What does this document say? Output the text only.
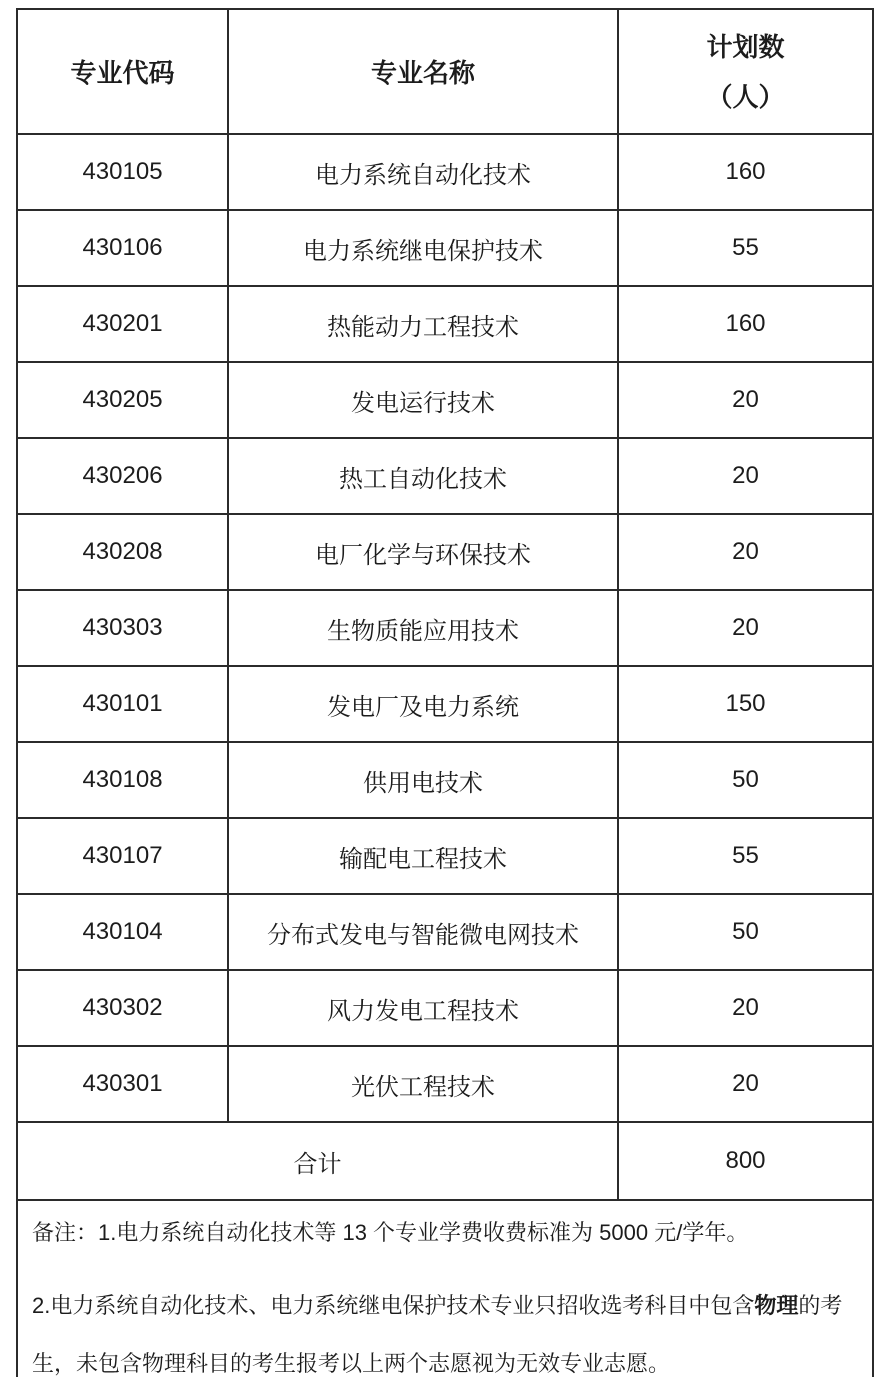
专业代码	专业名称	计划数
（人）

430105	电力系统自动化技术	160
430106	电力系统继电保护技术	55
430201	热能动力工程技术	160
430205	发电运行技术	20
430206	热工自动化技术	20
430208	电厂化学与环保技术	20
430303	生物质能应用技术	20
430101	发电厂及电力系统	150
430108	供用电技术	50
430107	输配电工程技术	55
430104	分布式发电与智能微电网技术	50
430302	风力发电工程技术	20
430301	光伏工程技术	20
合计		800

备注：1.电力系统自动化技术等 13 个专业学费收费标准为 5000 元/学年。

2.电力系统自动化技术、电力系统继电保护技术专业只招收选考科目中包含物理的考生，未包含物理科目的考生报考以上两个志愿视为无效专业志愿。		
